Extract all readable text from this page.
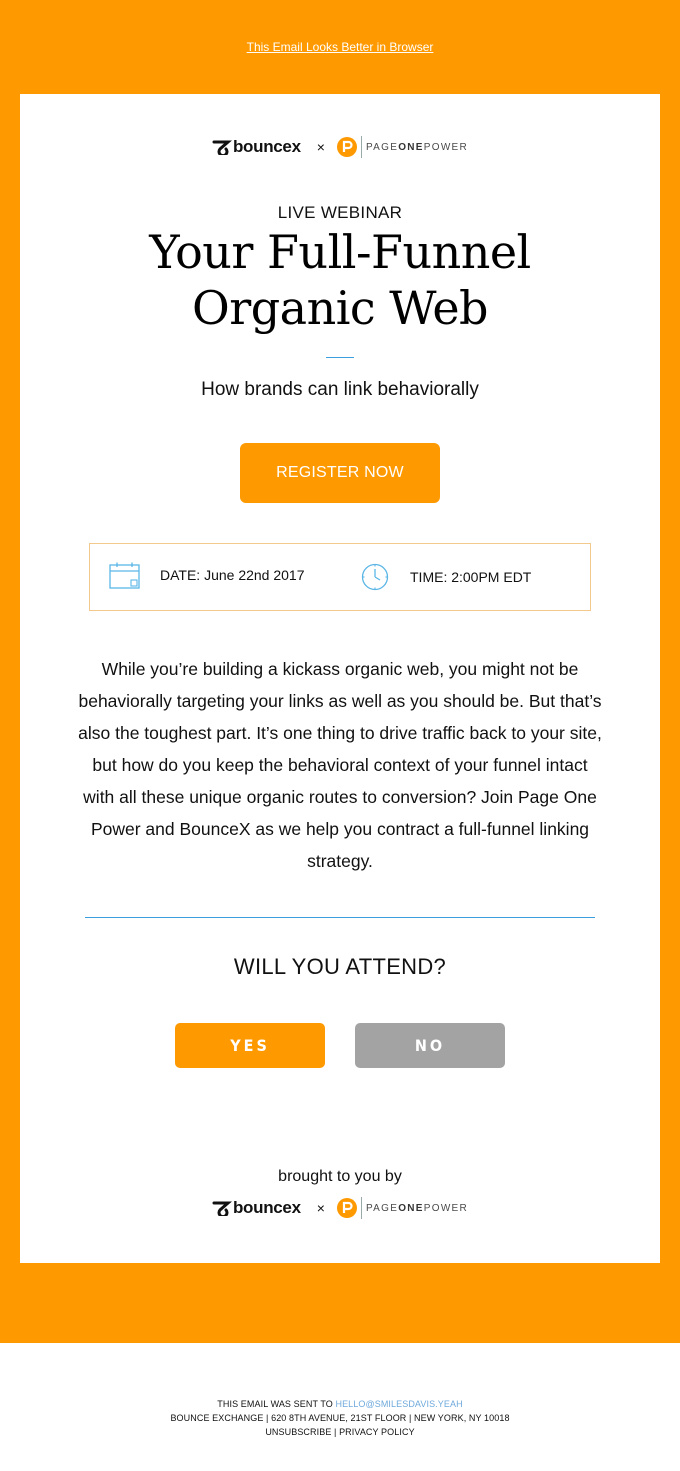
This Email Looks Better in Browser
bouncex ×	PAGEONEPOWER
LIVE WEBINAR
Your Full-Funnel
Organic Web
How brands can link behaviorally
REGISTER NOW
DATE: June 22nd 2017	TIME: 2:00PM EDT
While you’re building a kickass organic web, you might not be behaviorally targeting your links as well as you should be. But that’s also the toughest part. It’s one thing to drive traffic back to your site, but how do you keep the behavioral context of your funnel intact with all these unique organic routes to conversion? Join Page One Power and BounceX as we help you contract a full-funnel linking strategy.
WILL YOU ATTEND?
YES	NO
brought to you by
bouncex ×	PAGEONEPOWER
THIS EMAIL WAS SENT TO HELLO@SMILESDAVIS.YEAH
BOUNCE EXCHANGE | 620 8TH AVENUE, 21ST FLOOR | NEW YORK, NY 10018
UNSUBSCRIBE | PRIVACY POLICY
